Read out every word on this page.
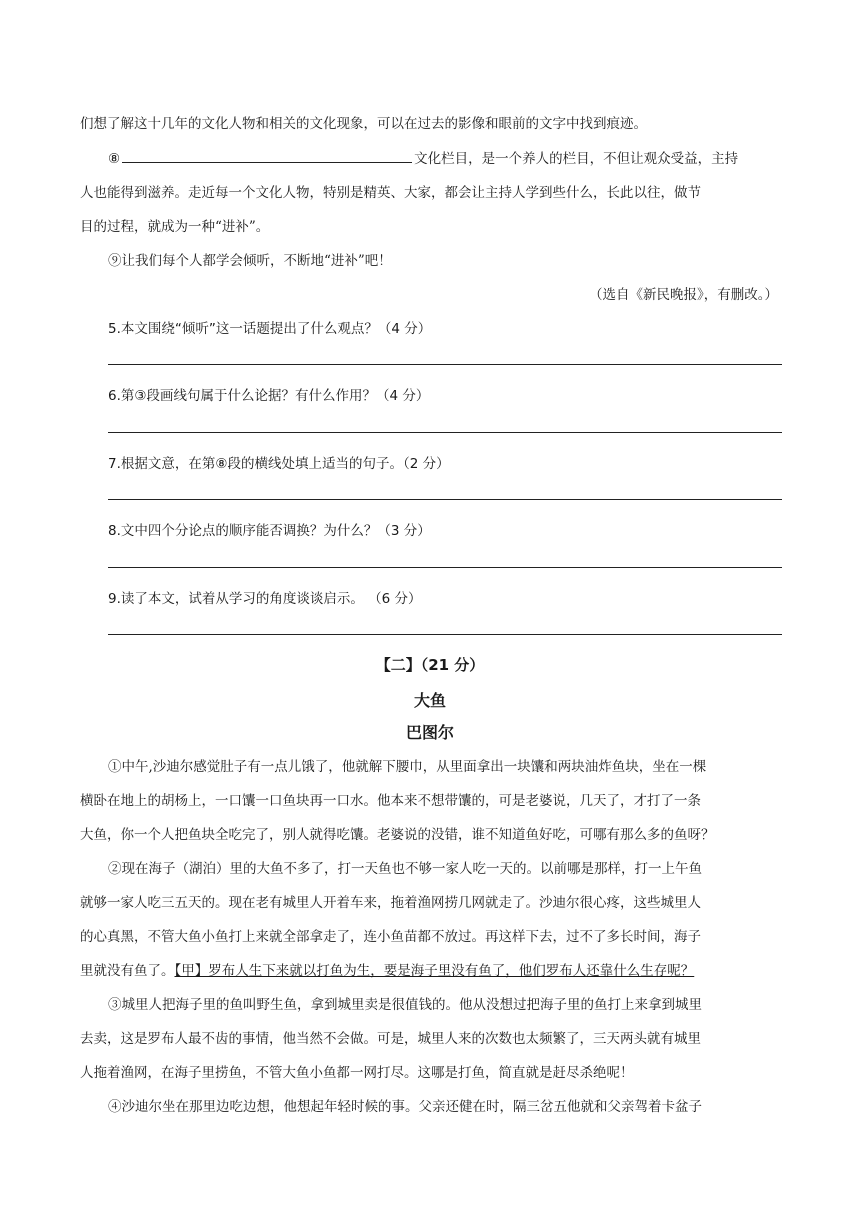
们想了解这十几年的文化人物和相关的文化现象，可以在过去的影像和眼前的文字中找到痕迹。
⑧	文化栏目，是一个养人的栏目，不但让观众受益，主持
人也能得到滋养。走近每一个文化人物，特别是精英、大家，都会让主持人学到些什么，长此以往，做节
目的过程，就成为一种“进补”。
⑨让我们每个人都学会倾听，不断地“进补”吧！
（选自《新民晚报》，有删改。）
5.本文围绕“倾听”这一话题提出了什么观点？（4 分）
6.第③段画线句属于什么论据？有什么作用？（4 分）
7.根据文意，在第⑧段的横线处填上适当的句子。（2 分）
8.文中四个分论点的顺序能否调换？为什么？（3 分）
9.读了本文，试着从学习的角度谈谈启示。 （6 分）
【二】（21 分）
大鱼
巴图尔
①中午,沙迪尔感觉肚子有一点儿饿了，他就解下腰巾，从里面拿出一块馕和两块油炸鱼块，坐在一棵
横卧在地上的胡杨上，一口馕一口鱼块再一口水。他本来不想带馕的，可是老婆说，几天了，才打了一条
大鱼，你一个人把鱼块全吃完了，别人就得吃馕。老婆说的没错，谁不知道鱼好吃，可哪有那么多的鱼呀？
②现在海子（湖泊）里的大鱼不多了，打一天鱼也不够一家人吃一天的。以前哪是那样，打一上午鱼
就够一家人吃三五天的。现在老有城里人开着车来，拖着渔网捞几网就走了。沙迪尔很心疼，这些城里人
的心真黑，不管大鱼小鱼打上来就全部拿走了，连小鱼苗都不放过。再这样下去，过不了多长时间，海子
里就没有鱼了。【甲】罗布人生下来就以打鱼为生，要是海子里没有鱼了，他们罗布人还靠什么生存呢？
③城里人把海子里的鱼叫野生鱼，拿到城里卖是很值钱的。他从没想过把海子里的鱼打上来拿到城里
去卖，这是罗布人最不齿的事情，他当然不会做。可是，城里人来的次数也太频繁了，三天两头就有城里
人拖着渔网，在海子里捞鱼，不管大鱼小鱼都一网打尽。这哪是打鱼，简直就是赶尽杀绝呢！
④沙迪尔坐在那里边吃边想，他想起年轻时候的事。父亲还健在时，隔三岔五他就和父亲驾着卡盆子
